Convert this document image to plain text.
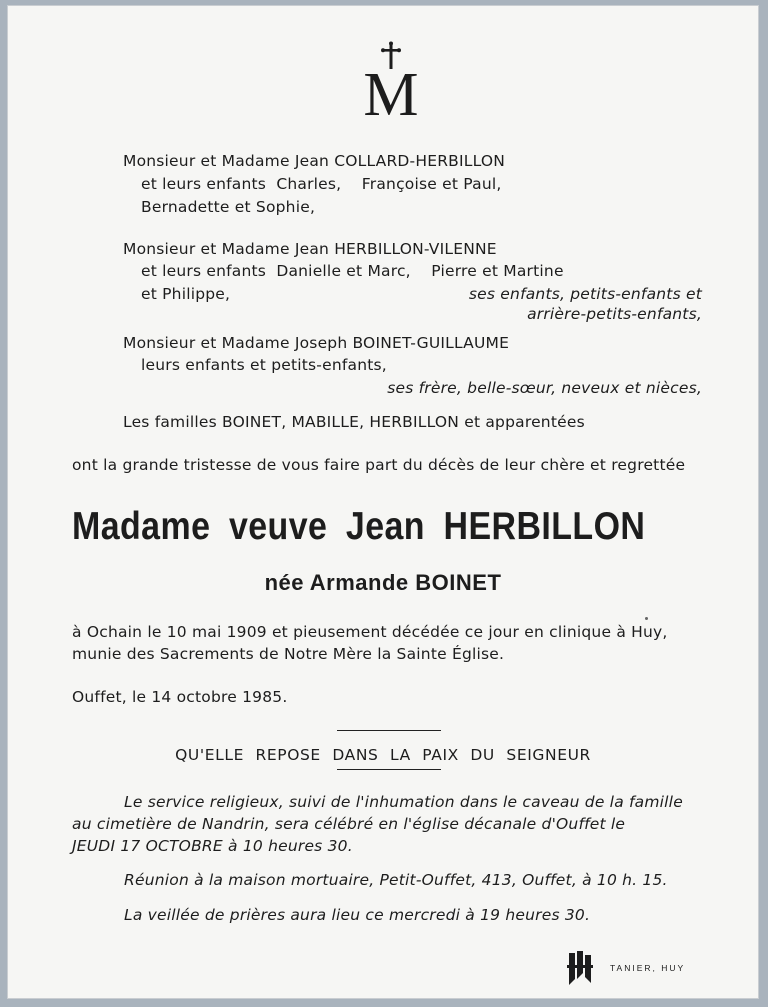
M
Monsieur et Madame Jean COLLARD-HERBILLON
et leurs enfants  Charles,    Françoise et Paul,
Bernadette et Sophie,
Monsieur et Madame Jean HERBILLON-VILENNE
et leurs enfants  Danielle et Marc,    Pierre et Martine
et Philippe,	ses enfants, petits-enfants et
arrière-petits-enfants,
Monsieur et Madame Joseph BOINET-GUILLAUME
leurs enfants et petits-enfants,
ses frère, belle-sœur, neveux et nièces,
Les familles BOINET, MABILLE, HERBILLON et apparentées
ont la grande tristesse de vous faire part du décès de leur chère et regrettée
Madame veuve Jean HERBILLON
née Armande BOINET
à Ochain le 10 mai 1909 et pieusement décédée ce jour en clinique à Huy,
munie des Sacrements de Notre Mère la Sainte Église.
Ouffet, le 14 octobre 1985.
QU'ELLE REPOSE DANS LA PAIX DU SEIGNEUR
Le service religieux, suivi de l'inhumation dans le caveau de la famille
au cimetière de Nandrin, sera célébré en l'église décanale d'Ouffet le
JEUDI 17 OCTOBRE à 10 heures 30.
Réunion à la maison mortuaire, Petit-Ouffet, 413, Ouffet, à 10 h. 15.
La veillée de prières aura lieu ce mercredi à 19 heures 30.
TANIER, HUY
